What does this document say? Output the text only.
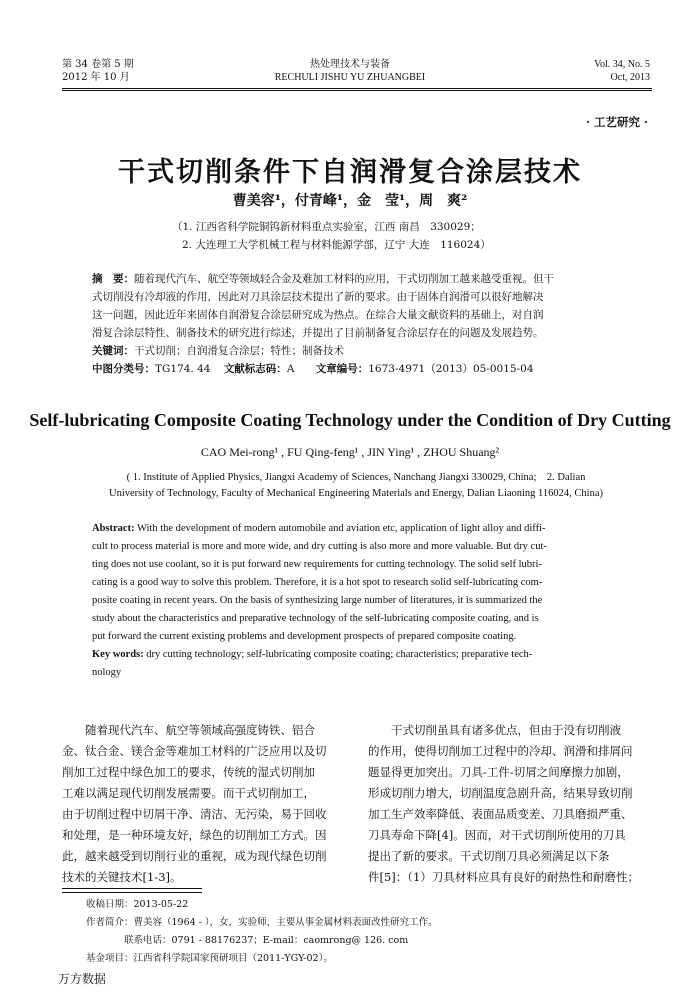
第 34 卷第 5 期
2012 年 10 月
热处理技术与装备
RECHULI JISHU YU ZHUANGBEI
Vol. 34, No. 5
Oct, 2013
· 工艺研究 ·
干式切削条件下自润滑复合涂层技术
曹美容¹，付青峰¹，金　莹¹，周　爽²
（1. 江西省科学院铜钨新材料重点实验室，江西 南昌　330029；
2. 大连理工大学机械工程与材料能源学部，辽宁 大连　116024）
摘　要：随着现代汽车、航空等领域轻合金及难加工材料的应用，干式切削加工越来越受重视。但干
式切削没有冷却液的作用，因此对刀具涂层技术提出了新的要求。由于固体自润滑可以很好地解决
这一问题，因此近年来固体自润滑复合涂层研究成为热点。在综合大量文献资料的基础上，对自润
滑复合涂层特性、制备技术的研究进行综述，并提出了目前制备复合涂层存在的问题及发展趋势。
关键词：干式切削；自润滑复合涂层；特性；制备技术
中图分类号：TG174. 44 文献标志码：A 文章编号：1673-4971（2013）05-0015-04
Self-lubricating Composite Coating Technology under the Condition of Dry Cutting
CAO Mei-rong¹ , FU Qing-feng¹ , JIN Ying¹ , ZHOU Shuang²
( 1. Institute of Applied Physics, Jiangxi Academy of Sciences, Nanchang Jiangxi 330029, China;　2. Dalian
University of Technology, Faculty of Mechanical Engineering Materials and Energy, Dalian Liaoning 116024, China)
Abstract: With the development of modern automobile and aviation etc, application of light alloy and diffi-
cult to process material is more and more wide, and dry cutting is also more and more valuable. But dry cut-
ting does not use coolant, so it is put forward new requirements for cutting technology. The solid self lubri-
cating is a good way to solve this problem. Therefore, it is a hot spot to research solid self-lubricating com-
posite coating in recent years. On the basis of synthesizing large number of literatures, it is summarized the
study about the characteristics and preparative technology of the self-lubricating composite coating, and is
put forward the current existing problems and development prospects of prepared composite coating.
Key words: dry cutting technology; self-lubricating composite coating; characteristics; preparative tech-
nology
　　随着现代汽车、航空等领域高强度铸铁、铝合
金、钛合金、镁合金等难加工材料的广泛应用以及切
削加工过程中绿色加工的要求，传统的湿式切削加
工难以满足现代切削发展需要。而干式切削加工，
由于切削过程中切屑干净、清洁、无污染，易于回收
和处理，是一种环境友好，绿色的切削加工方式。因
此，越来越受到切削行业的重视，成为现代绿色切削
技术的关键技术[1-3]。
　　干式切削虽具有诸多优点，但由于没有切削液
的作用，使得切削加工过程中的冷却、润滑和排屑问
题显得更加突出。刀具-工件-切屑之间摩擦力加剧，
形成切削力增大，切削温度急剧升高，结果导致切削
加工生产效率降低、表面品质变差、刀具磨损严重、
刀具寿命下降[4]。因而，对干式切削所使用的刀具
提出了新的要求。干式切削刀具必须满足以下条
件[5]：（1）刀具材料应具有良好的耐热性和耐磨性；
收稿日期：2013-05-22
作者简介：曹美容（1964 - ），女，实验师，主要从事金属材料表面改性研究工作。
　　　　联系电话：0791 - 88176237；E-mail：caomrong@ 126. com
基金项目：江西省科学院国家预研项目（2011-YGY-02）。
万方数据
